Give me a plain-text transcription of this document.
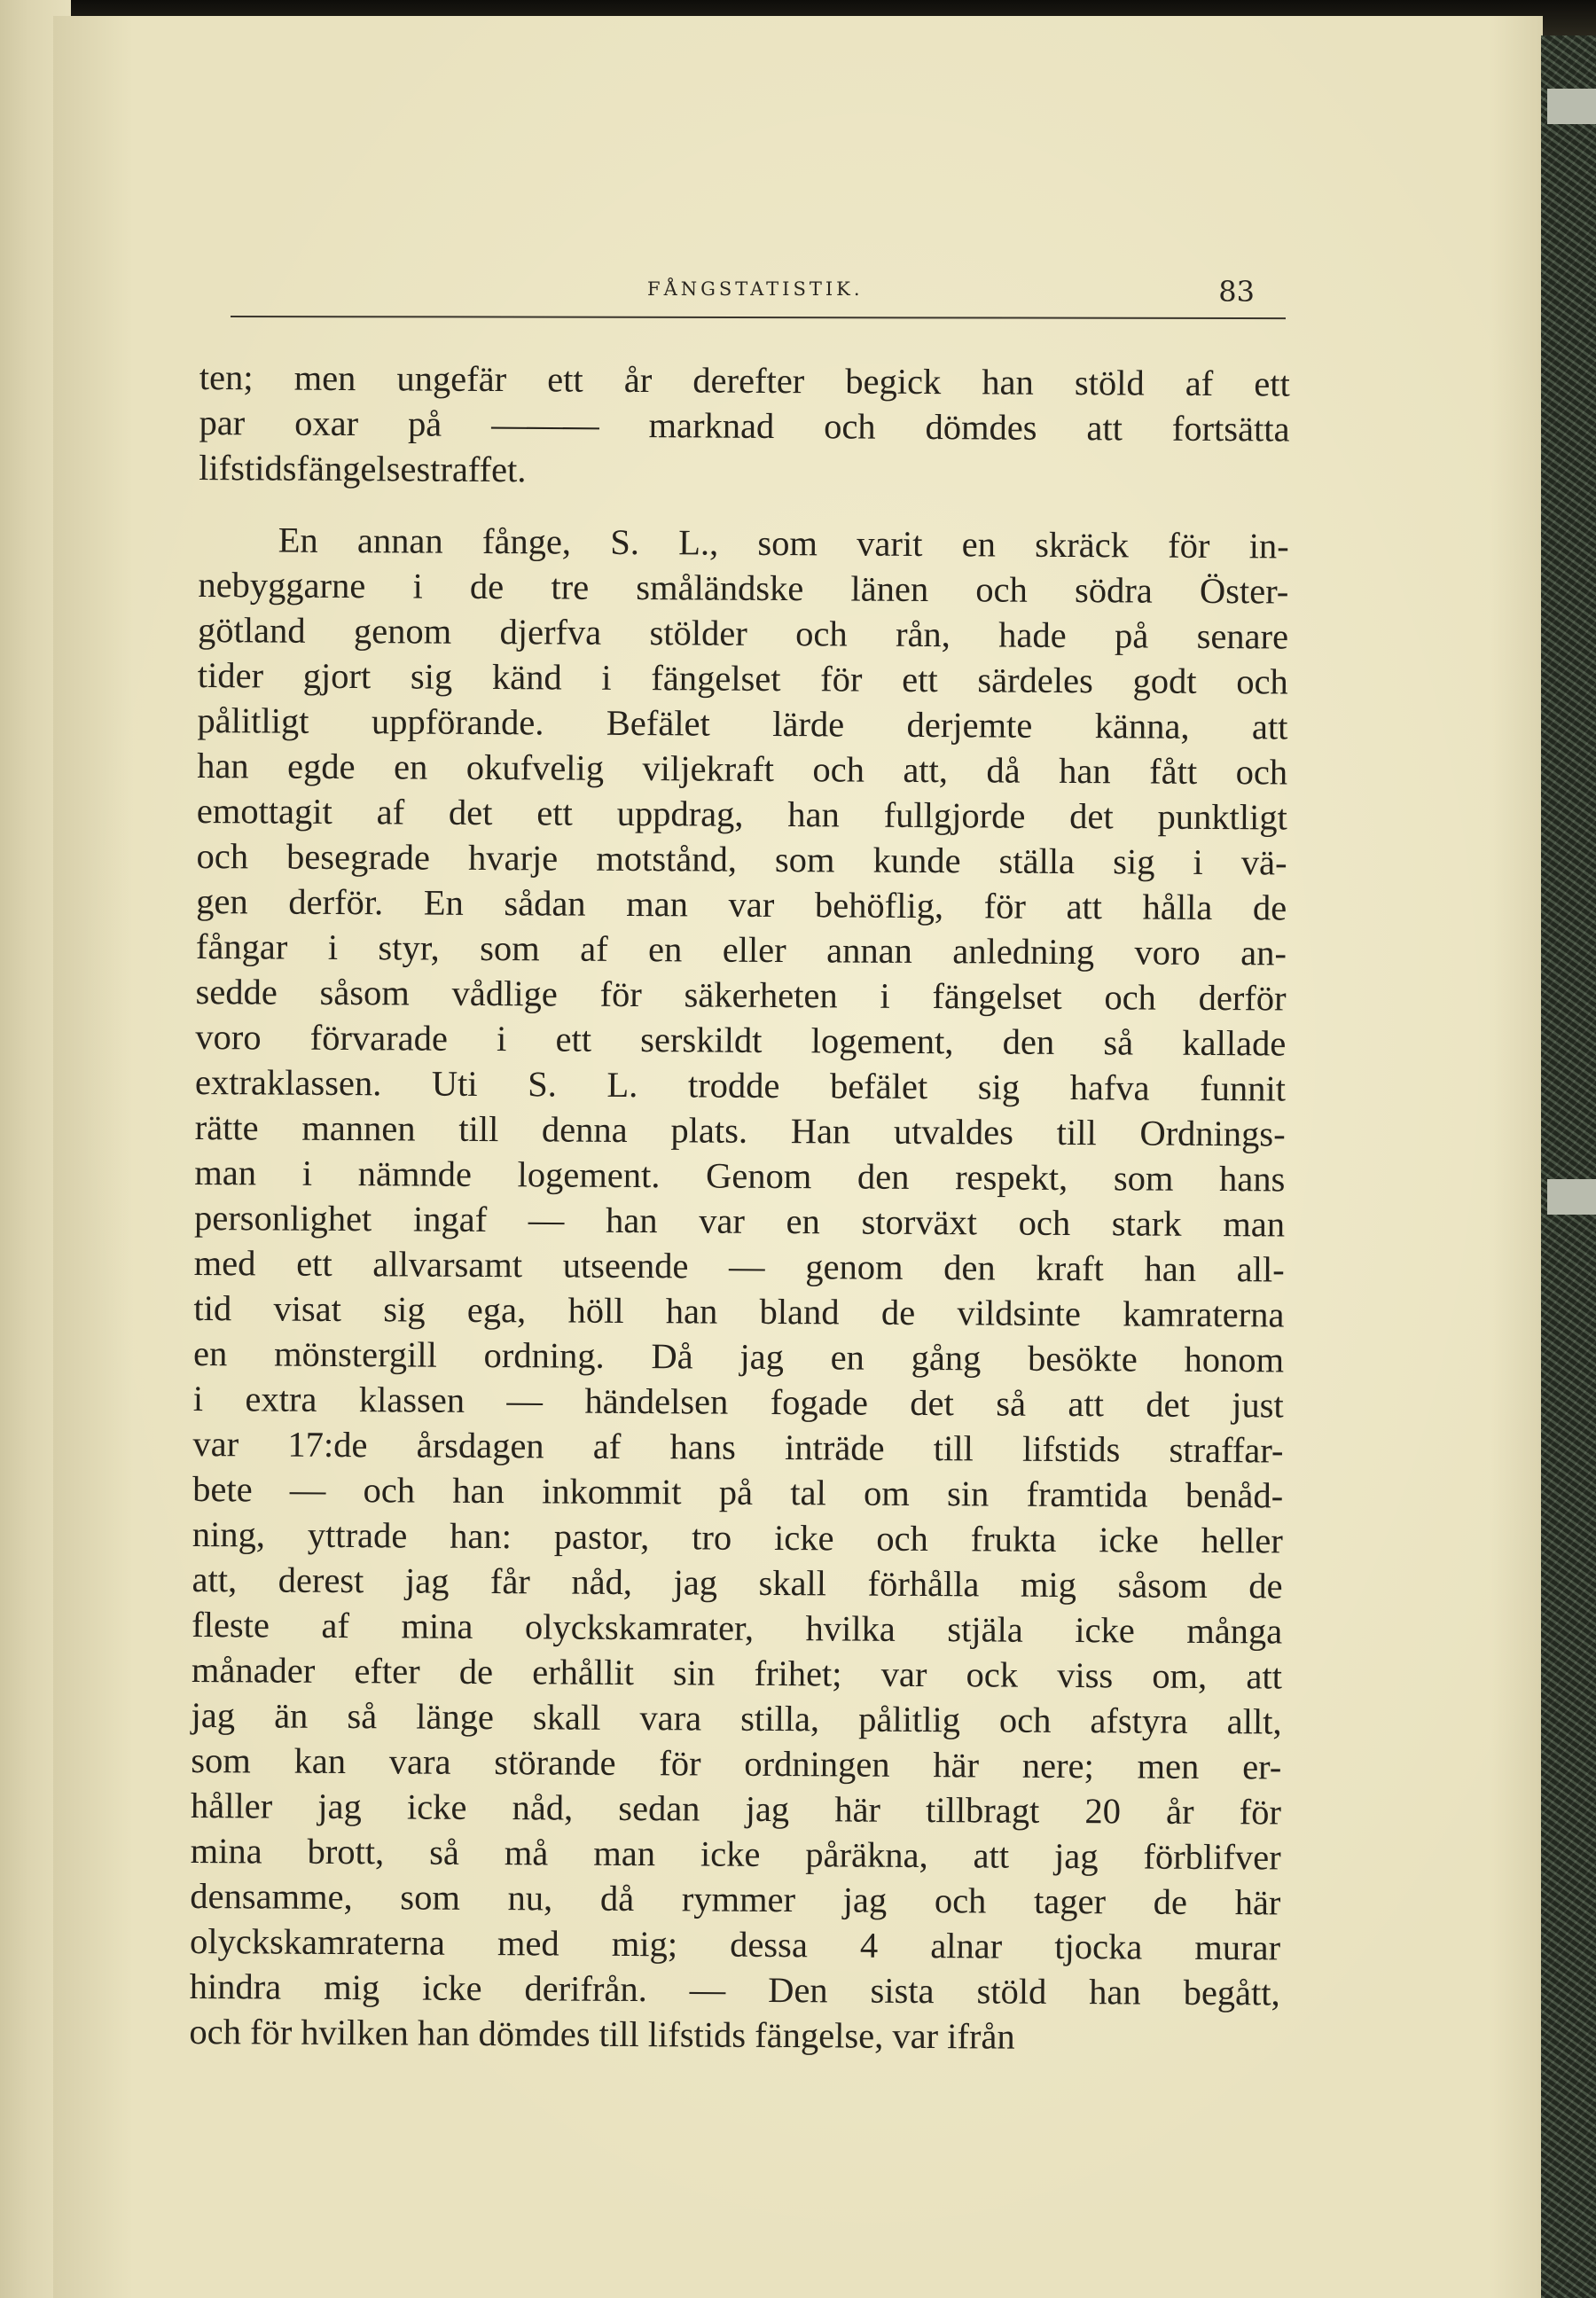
FÅNGSTATISTIK.	83
ten; men ungefär ett år derefter begick han stöld af ett
par oxar på ——— marknad och dömdes att fortsätta
lifstidsfängelsestraffet.
En annan fånge, S. L., som varit en skräck för in-
nebyggarne i de tre småländske länen och södra Öster-
götland genom djerfva stölder och rån, hade på senare
tider gjort sig känd i fängelset för ett särdeles godt och
pålitligt uppförande. Befälet lärde derjemte känna, att
han egde en okufvelig viljekraft och att, då han fått och
emottagit af det ett uppdrag, han fullgjorde det punktligt
och besegrade hvarje motstånd, som kunde ställa sig i vä-
gen derför. En sådan man var behöflig, för att hålla de
fångar i styr, som af en eller annan anledning voro an-
sedde såsom vådlige för säkerheten i fängelset och derför
voro förvarade i ett serskildt logement, den så kallade
extraklassen. Uti S. L. trodde befälet sig hafva funnit
rätte mannen till denna plats. Han utvaldes till Ordnings-
man i nämnde logement. Genom den respekt, som hans
personlighet ingaf — han var en storväxt och stark man
med ett allvarsamt utseende — genom den kraft han all-
tid visat sig ega, höll han bland de vildsinte kamraterna
en mönstergill ordning. Då jag en gång besökte honom
i extra klassen — händelsen fogade det så att det just
var 17:de årsdagen af hans inträde till lifstids straffar-
bete — och han inkommit på tal om sin framtida benåd-
ning, yttrade han: pastor, tro icke och frukta icke heller
att, derest jag får nåd, jag skall förhålla mig såsom de
fleste af mina olyckskamrater, hvilka stjäla icke många
månader efter de erhållit sin frihet; var ock viss om, att
jag än så länge skall vara stilla, pålitlig och afstyra allt,
som kan vara störande för ordningen här nere; men er-
håller jag icke nåd, sedan jag här tillbragt 20 år för
mina brott, så må man icke påräkna, att jag förblifver
densamme, som nu, då rymmer jag och tager de här
olyckskamraterna med mig; dessa 4 alnar tjocka murar
hindra mig icke derifrån. — Den sista stöld han begått,
och för hvilken han dömdes till lifstids fängelse, var ifrån
